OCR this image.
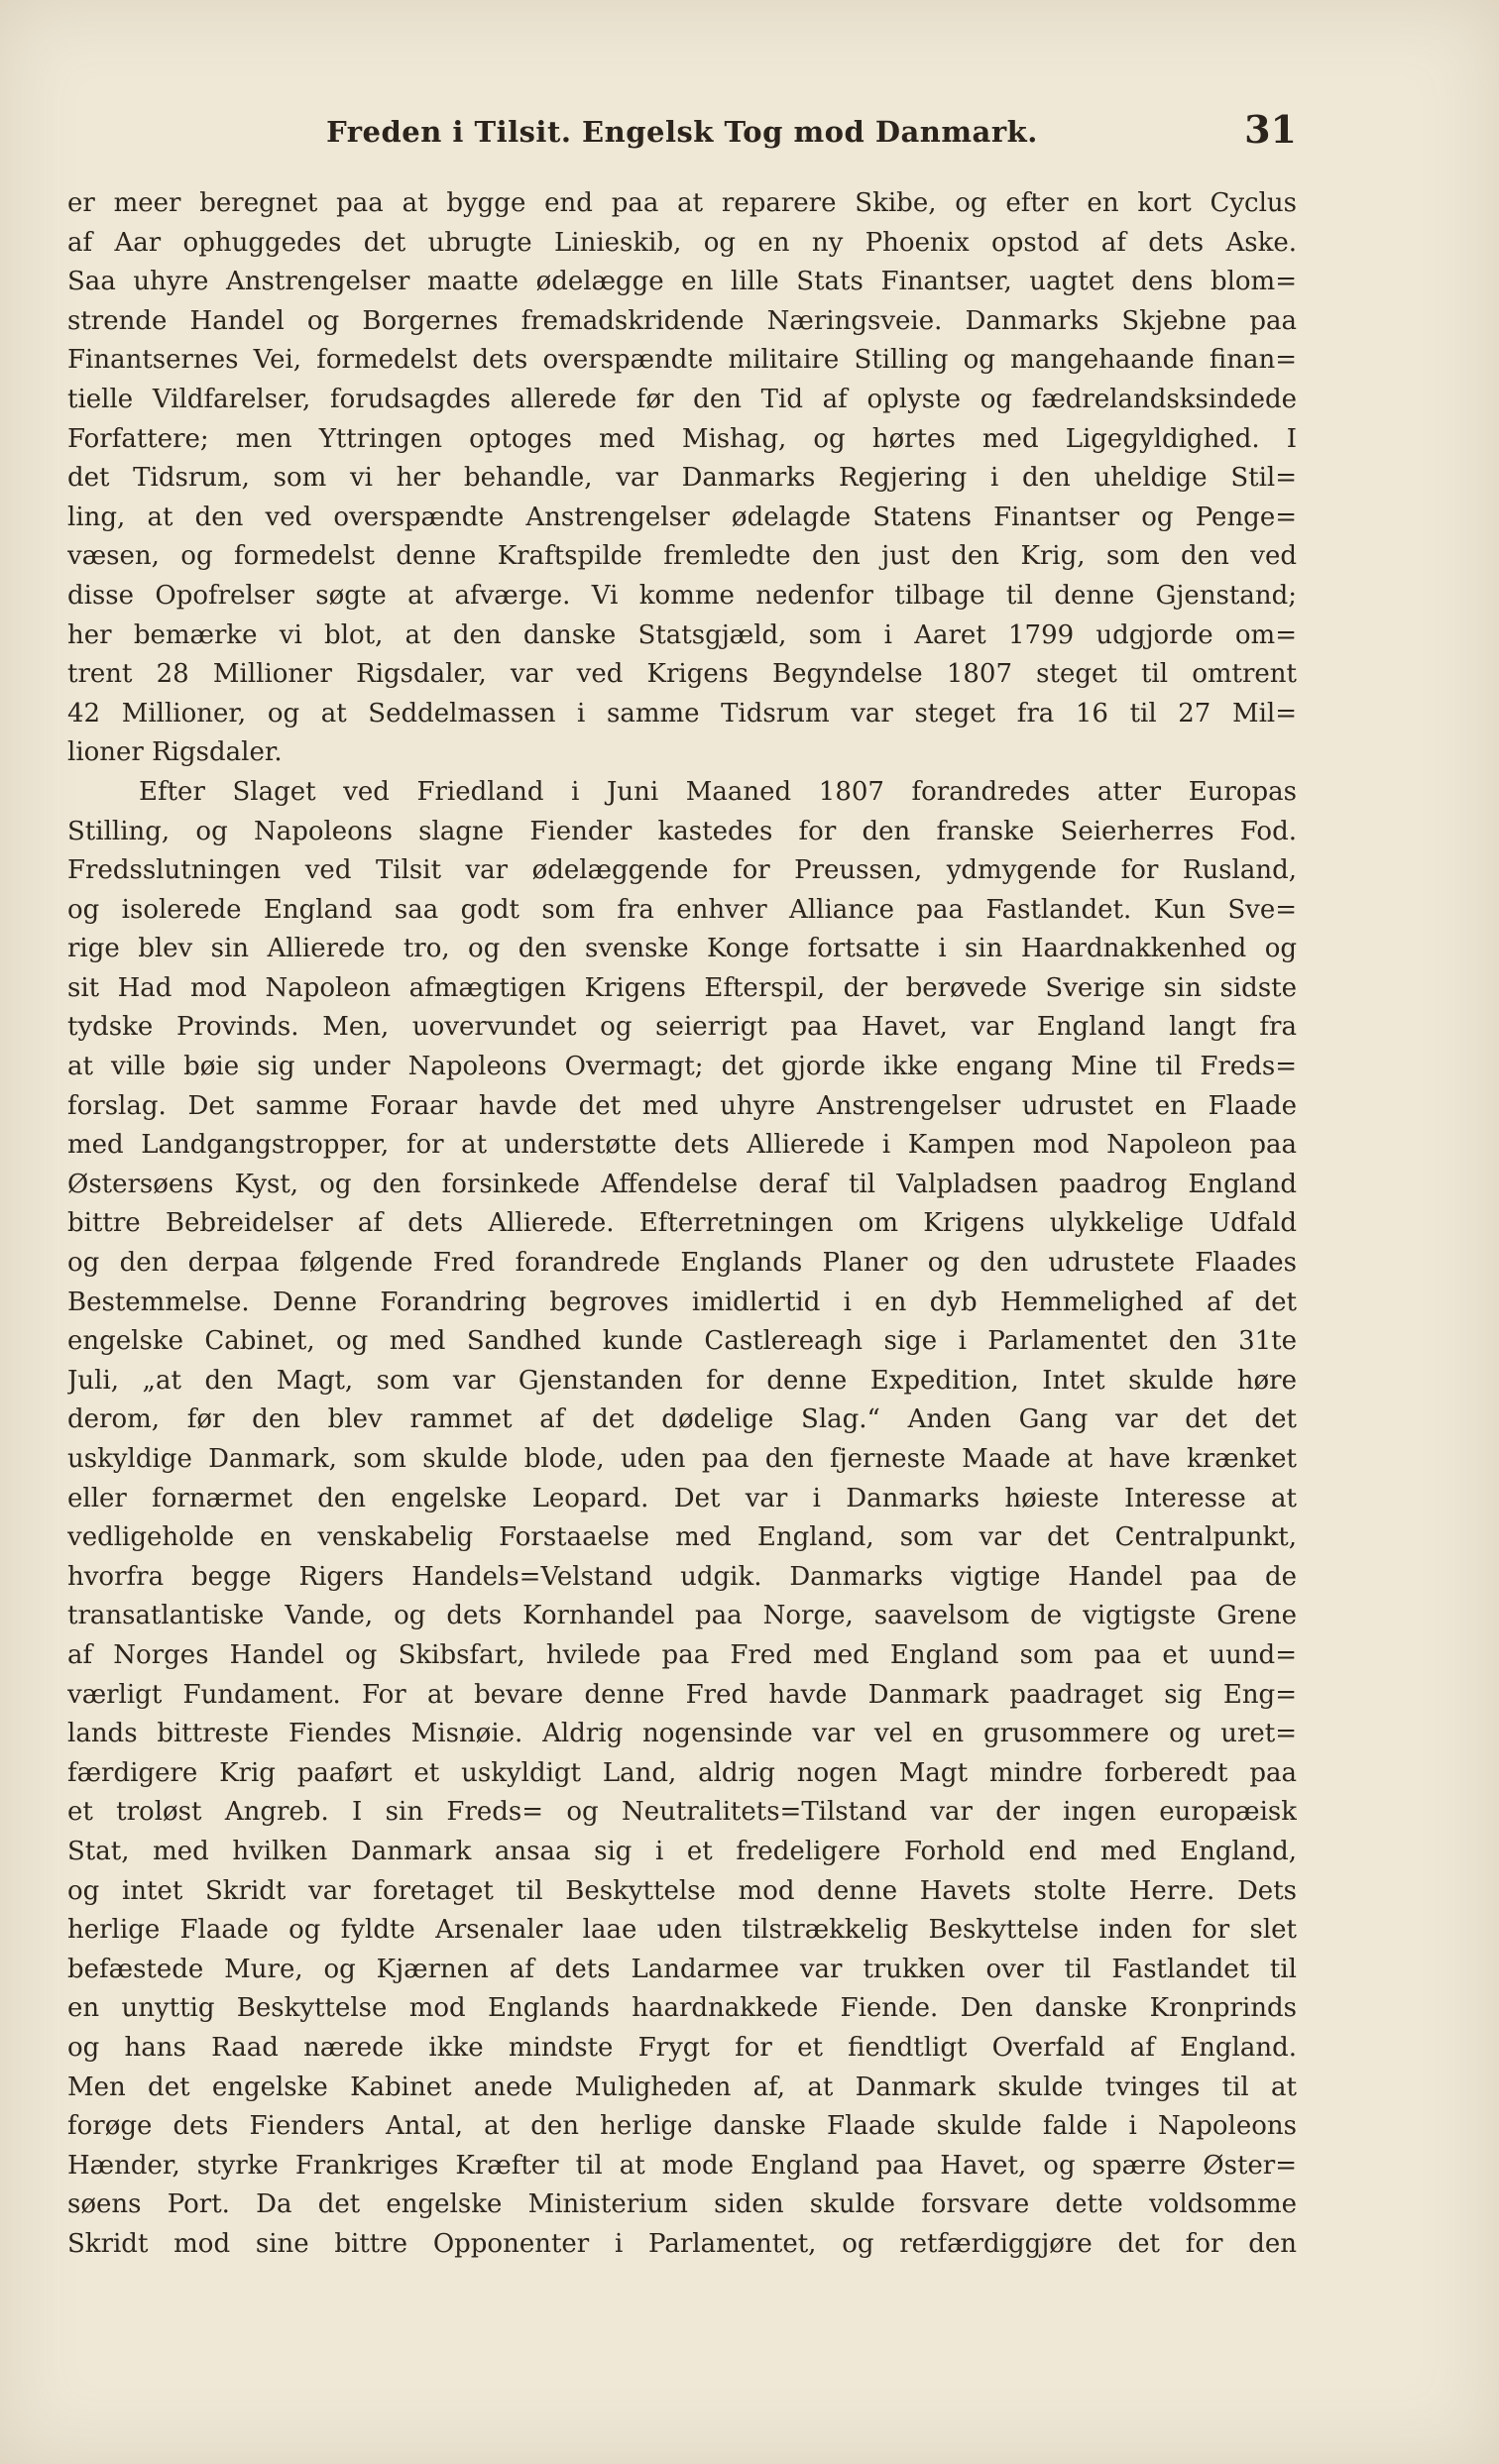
Freden i Tilsit. Engelsk Tog mod Danmark.	31
er meer beregnet paa at bygge end paa at reparere Skibe, og efter en kort Cyclus
af Aar ophuggedes det ubrugte Linieskib, og en ny Phoenix opstod af dets Aske.
Saa uhyre Anstrengelser maatte ødelægge en lille Stats Finantser, uagtet dens blom=
strende Handel og Borgernes fremadskridende Næringsveie. Danmarks Skjebne paa
Finantsernes Vei, formedelst dets overspændte militaire Stilling og mangehaande finan=
tielle Vildfarelser, forudsagdes allerede før den Tid af oplyste og fædrelandsksindede
Forfattere; men Yttringen optoges med Mishag, og hørtes med Ligegyldighed. I
det Tidsrum, som vi her behandle, var Danmarks Regjering i den uheldige Stil=
ling, at den ved overspændte Anstrengelser ødelagde Statens Finantser og Penge=
væsen, og formedelst denne Kraftspilde fremledte den just den Krig, som den ved
disse Opofrelser søgte at afværge. Vi komme nedenfor tilbage til denne Gjenstand;
her bemærke vi blot, at den danske Statsgjæld, som i Aaret 1799 udgjorde om=
trent 28 Millioner Rigsdaler, var ved Krigens Begyndelse 1807 steget til omtrent
42 Millioner, og at Seddelmassen i samme Tidsrum var steget fra 16 til 27 Mil=
lioner Rigsdaler.
Efter Slaget ved Friedland i Juni Maaned 1807 forandredes atter Europas
Stilling, og Napoleons slagne Fiender kastedes for den franske Seierherres Fod.
Fredsslutningen ved Tilsit var ødelæggende for Preussen, ydmygende for Rusland,
og isolerede England saa godt som fra enhver Alliance paa Fastlandet. Kun Sve=
rige blev sin Allierede tro, og den svenske Konge fortsatte i sin Haardnakkenhed og
sit Had mod Napoleon afmægtigen Krigens Efterspil, der berøvede Sverige sin sidste
tydske Provinds. Men, uovervundet og seierrigt paa Havet, var England langt fra
at ville bøie sig under Napoleons Overmagt; det gjorde ikke engang Mine til Freds=
forslag. Det samme Foraar havde det med uhyre Anstrengelser udrustet en Flaade
med Landgangstropper, for at understøtte dets Allierede i Kampen mod Napoleon paa
Østersøens Kyst, og den forsinkede Affendelse deraf til Valpladsen paadrog England
bittre Bebreidelser af dets Allierede. Efterretningen om Krigens ulykkelige Udfald
og den derpaa følgende Fred forandrede Englands Planer og den udrustete Flaades
Bestemmelse. Denne Forandring begroves imidlertid i en dyb Hemmelighed af det
engelske Cabinet, og med Sandhed kunde Castlereagh sige i Parlamentet den 31te
Juli, „at den Magt, som var Gjenstanden for denne Expedition, Intet skulde høre
derom, før den blev rammet af det dødelige Slag.“ Anden Gang var det det
uskyldige Danmark, som skulde blode, uden paa den fjerneste Maade at have krænket
eller fornærmet den engelske Leopard. Det var i Danmarks høieste Interesse at
vedligeholde en venskabelig Forstaaelse med England, som var det Centralpunkt,
hvorfra begge Rigers Handels=Velstand udgik. Danmarks vigtige Handel paa de
transatlantiske Vande, og dets Kornhandel paa Norge, saavelsom de vigtigste Grene
af Norges Handel og Skibsfart, hvilede paa Fred med England som paa et uund=
værligt Fundament. For at bevare denne Fred havde Danmark paadraget sig Eng=
lands bittreste Fiendes Misnøie. Aldrig nogensinde var vel en grusommere og uret=
færdigere Krig paaført et uskyldigt Land, aldrig nogen Magt mindre forberedt paa
et troløst Angreb. I sin Freds= og Neutralitets=Tilstand var der ingen europæisk
Stat, med hvilken Danmark ansaa sig i et fredeligere Forhold end med England,
og intet Skridt var foretaget til Beskyttelse mod denne Havets stolte Herre. Dets
herlige Flaade og fyldte Arsenaler laae uden tilstrækkelig Beskyttelse inden for slet
befæstede Mure, og Kjærnen af dets Landarmee var trukken over til Fastlandet til
en unyttig Beskyttelse mod Englands haardnakkede Fiende. Den danske Kronprinds
og hans Raad nærede ikke mindste Frygt for et fiendtligt Overfald af England.
Men det engelske Kabinet anede Muligheden af, at Danmark skulde tvinges til at
forøge dets Fienders Antal, at den herlige danske Flaade skulde falde i Napoleons
Hænder, styrke Frankriges Kræfter til at mode England paa Havet, og spærre Øster=
søens Port. Da det engelske Ministerium siden skulde forsvare dette voldsomme
Skridt mod sine bittre Opponenter i Parlamentet, og retfærdiggjøre det for den
